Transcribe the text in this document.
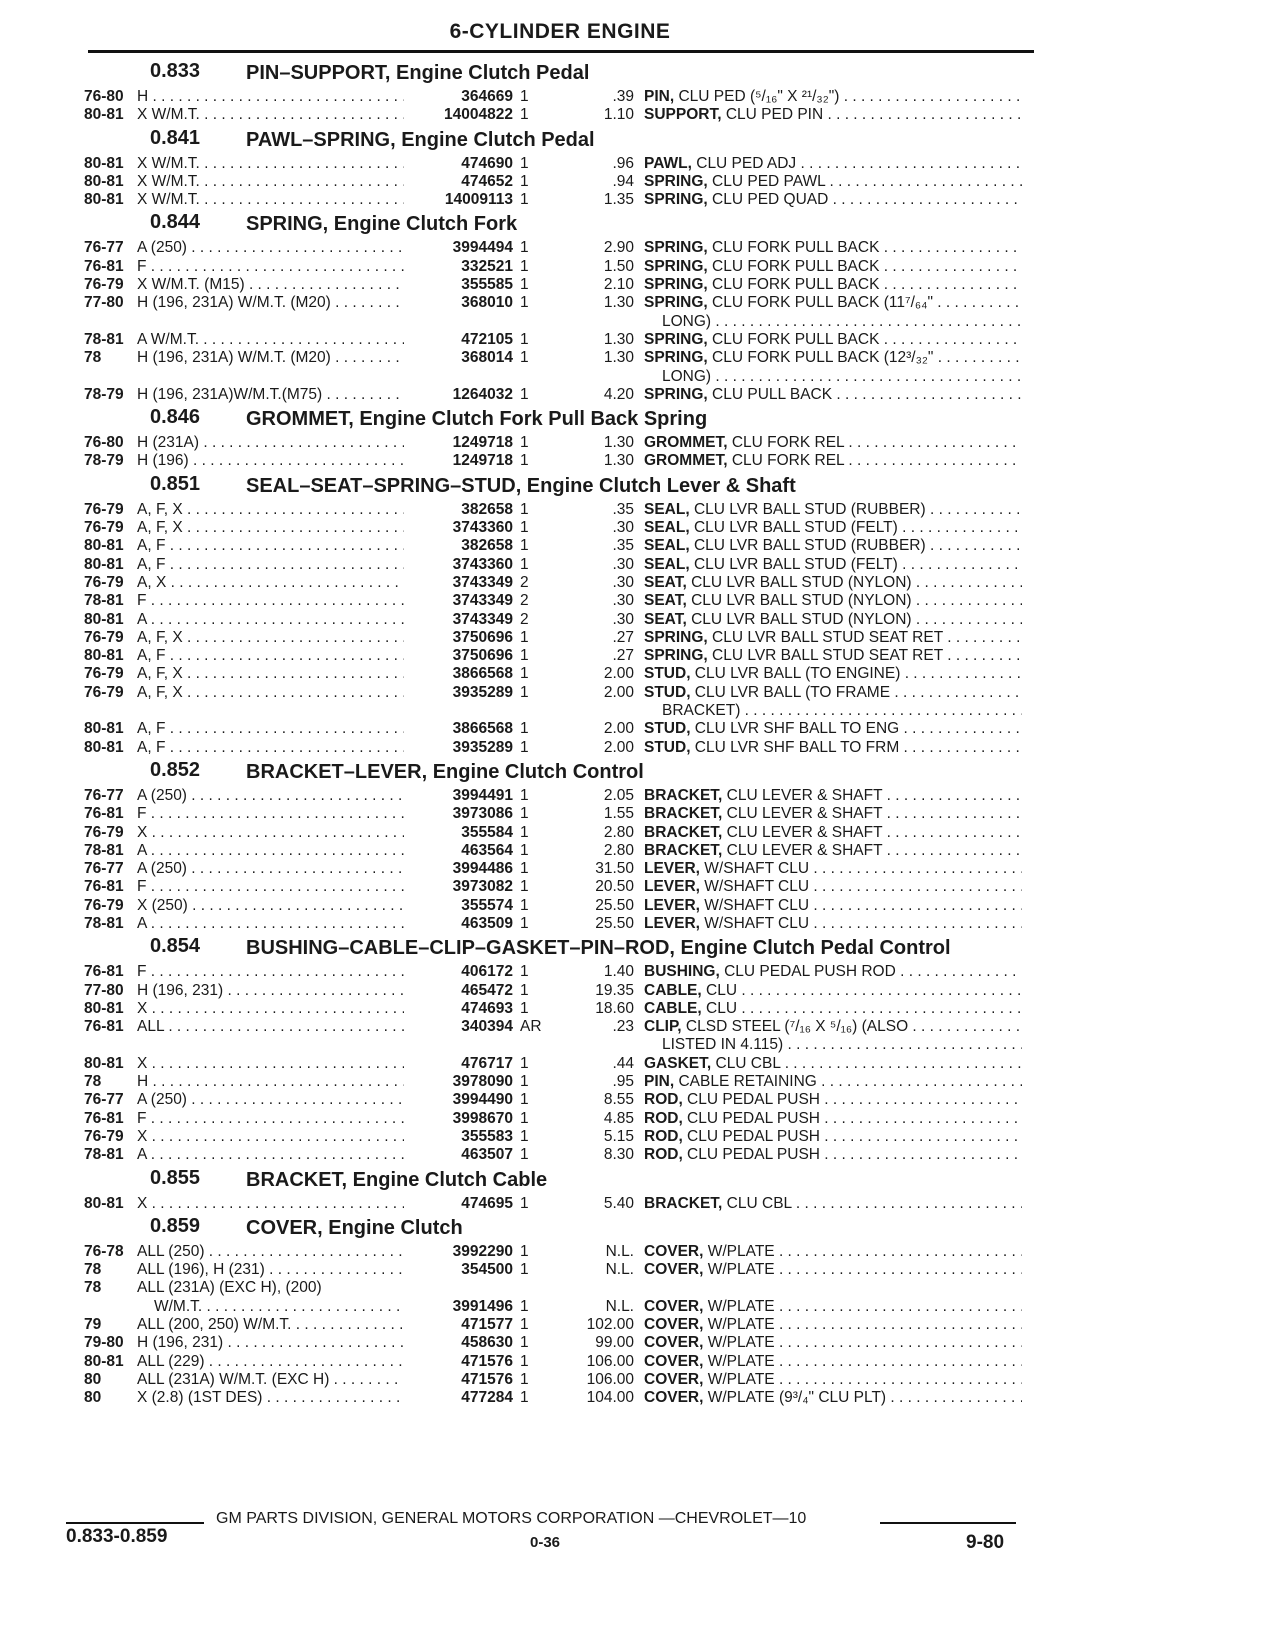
6-CYLINDER ENGINE
0.833 PIN–SUPPORT, Engine Clutch Pedal
76-80 H . . .	364669 1	.39 PIN, CLU PED (⁵/₁₆" X ²¹/₃₂") . . .
80-81 X W/M.T. . . .	14004822 1	1.10 SUPPORT, CLU PED PIN . . .
0.841 PAWL–SPRING, Engine Clutch Pedal
80-81 X W/M.T. . . .	474690 1	.96 PAWL, CLU PED ADJ . . .
80-81 X W/M.T. . . .	474652 1	.94 SPRING, CLU PED PAWL . . .
80-81 X W/M.T. . . .	14009113 1	1.35 SPRING, CLU PED QUAD . . .
0.844 SPRING, Engine Clutch Fork
76-77 A (250) . . .	3994494 1	2.90 SPRING, CLU FORK PULL BACK . . .
76-81 F . . .	332521 1	1.50 SPRING, CLU FORK PULL BACK . . .
76-79 X W/M.T. (M15) . . .	355585 1	2.10 SPRING, CLU FORK PULL BACK . . .
77-80 H (196, 231A) W/M.T. (M20) . . .	368010 1	1.30 SPRING, CLU FORK PULL BACK (11⁷/₆₄" . . .
LONG) . . .
78-81 A W/M.T. . . .	472105 1	1.30 SPRING, CLU FORK PULL BACK . . .
78	H (196, 231A) W/M.T. (M20) . . .	368014 1	1.30 SPRING, CLU FORK PULL BACK (12³/₃₂" . . .
LONG) . . .
78-79 H (196, 231A)W/M.T.(M75) . . .	1264032 1	4.20 SPRING, CLU PULL BACK . . .
0.846 GROMMET, Engine Clutch Fork Pull Back Spring
76-80 H (231A) . . .	1249718 1	1.30 GROMMET, CLU FORK REL . . .
78-79 H (196) . . .	1249718 1	1.30 GROMMET, CLU FORK REL . . .
0.851 SEAL–SEAT–SPRING–STUD, Engine Clutch Lever & Shaft
76-79 A, F, X . . .	382658 1	.35 SEAL, CLU LVR BALL STUD (RUBBER) . . .
76-79 A, F, X . . .	3743360 1	.30 SEAL, CLU LVR BALL STUD (FELT) . . .
80-81 A, F . . .	382658 1	.35 SEAL, CLU LVR BALL STUD (RUBBER) . . .
80-81 A, F . . .	3743360 1	.30 SEAL, CLU LVR BALL STUD (FELT) . . .
76-79 A, X . . .	3743349 2	.30 SEAT, CLU LVR BALL STUD (NYLON) . . .
78-81 F . . .	3743349 2	.30 SEAT, CLU LVR BALL STUD (NYLON) . . .
80-81 A . . .	3743349 2	.30 SEAT, CLU LVR BALL STUD (NYLON) . . .
76-79 A, F, X . . .	3750696 1	.27 SPRING, CLU LVR BALL STUD SEAT RET . . .
80-81 A, F . . .	3750696 1	.27 SPRING, CLU LVR BALL STUD SEAT RET . . .
76-79 A, F, X . . .	3866568 1	2.00 STUD, CLU LVR BALL (TO ENGINE) . . .
76-79 A, F, X . . .	3935289 1	2.00 STUD, CLU LVR BALL (TO FRAME . . .
BRACKET) . . .
80-81 A, F . . .	3866568 1	2.00 STUD, CLU LVR SHF BALL TO ENG . . .
80-81 A, F . . .	3935289 1	2.00 STUD, CLU LVR SHF BALL TO FRM . . .
0.852 BRACKET–LEVER, Engine Clutch Control
76-77 A (250) . . .	3994491 1	2.05 BRACKET, CLU LEVER & SHAFT . . .
76-81 F . . .	3973086 1	1.55 BRACKET, CLU LEVER & SHAFT . . .
76-79 X . . .	355584 1	2.80 BRACKET, CLU LEVER & SHAFT . . .
78-81 A . . .	463564 1	2.80 BRACKET, CLU LEVER & SHAFT . . .
76-77 A (250) . . .	3994486 1	31.50 LEVER, W/SHAFT CLU . . .
76-81 F . . .	3973082 1	20.50 LEVER, W/SHAFT CLU . . .
76-79 X (250) . . .	355574 1	25.50 LEVER, W/SHAFT CLU . . .
78-81 A . . .	463509 1	25.50 LEVER, W/SHAFT CLU . . .
0.854 BUSHING–CABLE–CLIP–GASKET–PIN–ROD, Engine Clutch Pedal Control
76-81 F . . .	406172 1	1.40 BUSHING, CLU PEDAL PUSH ROD . . .
77-80 H (196, 231) . . .	465472 1	19.35 CABLE, CLU . . .
80-81 X . . .	474693 1	18.60 CABLE, CLU . . .
76-81 ALL . . .	340394 AR	.23 CLIP, CLSD STEEL (⁷/₁₆ X ⁵/₁₆) (ALSO . . .
LISTED IN 4.115) . . .
80-81 X . . .	476717 1	.44 GASKET, CLU CBL . . .
78	H . . .	3978090 1	.95 PIN, CABLE RETAINING . . .
76-77 A (250) . . .	3994490 1	8.55 ROD, CLU PEDAL PUSH . . .
76-81 F . . .	3998670 1	4.85 ROD, CLU PEDAL PUSH . . .
76-79 X . . .	355583 1	5.15 ROD, CLU PEDAL PUSH . . .
78-81 A . . .	463507 1	8.30 ROD, CLU PEDAL PUSH . . .
0.855 BRACKET, Engine Clutch Cable
80-81 X . . .	474695 1	5.40 BRACKET, CLU CBL . . .
0.859 COVER, Engine Clutch
76-78 ALL (250) . . .	3992290 1	N.L. COVER, W/PLATE . . .
78	ALL (196), H (231) . . .	354500 1	N.L. COVER, W/PLATE . . .
78	ALL (231A) (EXC H), (200)
W/M.T. . . .	3991496 1	N.L. COVER, W/PLATE . . .
79	ALL (200, 250) W/M.T. . . .	471577 1	102.00 COVER, W/PLATE . . .
79-80 H (196, 231) . . .	458630 1	99.00 COVER, W/PLATE . . .
80-81 ALL (229) . . .	471576 1	106.00 COVER, W/PLATE . . .
80	ALL (231A) W/M.T. (EXC H) . . .	471576 1	106.00 COVER, W/PLATE . . .
80	X (2.8) (1ST DES) . . .	477284 1	104.00 COVER, W/PLATE (9³/₄" CLU PLT) . . .
GM PARTS DIVISION, GENERAL MOTORS CORPORATION —CHEVROLET—10
0.833-0.859	0-36	9-80
